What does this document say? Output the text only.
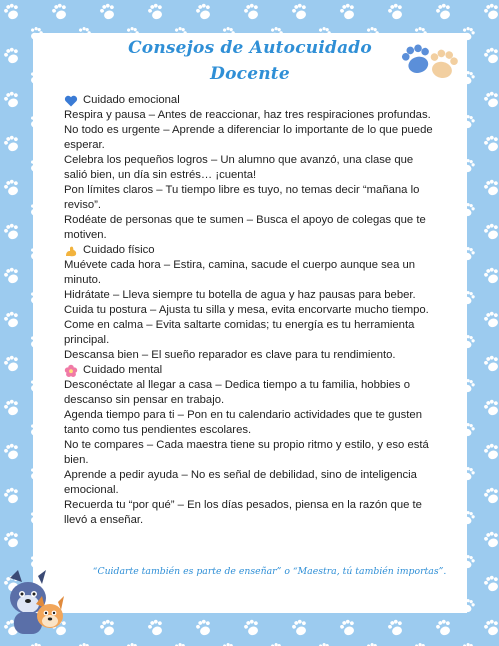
Consejos de Autocuidado
Docente
Cuidado emocional

Respira y pausa – Antes de reaccionar, haz tres respiraciones profundas.

No todo es urgente – Aprende a diferenciar lo importante de lo que puede esperar.

Celebra los pequeños logros – Un alumno que avanzó, una clase que salió bien, un día sin estrés… ¡cuenta!

Pon límites claros – Tu tiempo libre es tuyo, no temas decir “mañana lo reviso”.

Rodéate de personas que te sumen – Busca el apoyo de colegas que te motiven.

Cuidado físico

Muévete cada hora – Estira, camina, sacude el cuerpo aunque sea un minuto.

Hidrátate – Lleva siempre tu botella de agua y haz pausas para beber.

Cuida tu postura – Ajusta tu silla y mesa, evita encorvarte mucho tiempo.

Come en calma – Evita saltarte comidas; tu energía es tu herramienta principal.

Descansa bien – El sueño reparador es clave para tu rendimiento.

Cuidado mental

Desconéctate al llegar a casa – Dedica tiempo a tu familia, hobbies o descanso sin pensar en trabajo.

Agenda tiempo para ti – Pon en tu calendario actividades que te gusten tanto como tus pendientes escolares.

No te compares – Cada maestra tiene su propio ritmo y estilo, y eso está bien.

Aprende a pedir ayuda – No es señal de debilidad, sino de inteligencia emocional.

Recuerda tu “por qué” – En los días pesados, piensa en la razón que te llevó a enseñar.

“Cuidarte también es parte de enseñar” o “Maestra, tú también importas”.
